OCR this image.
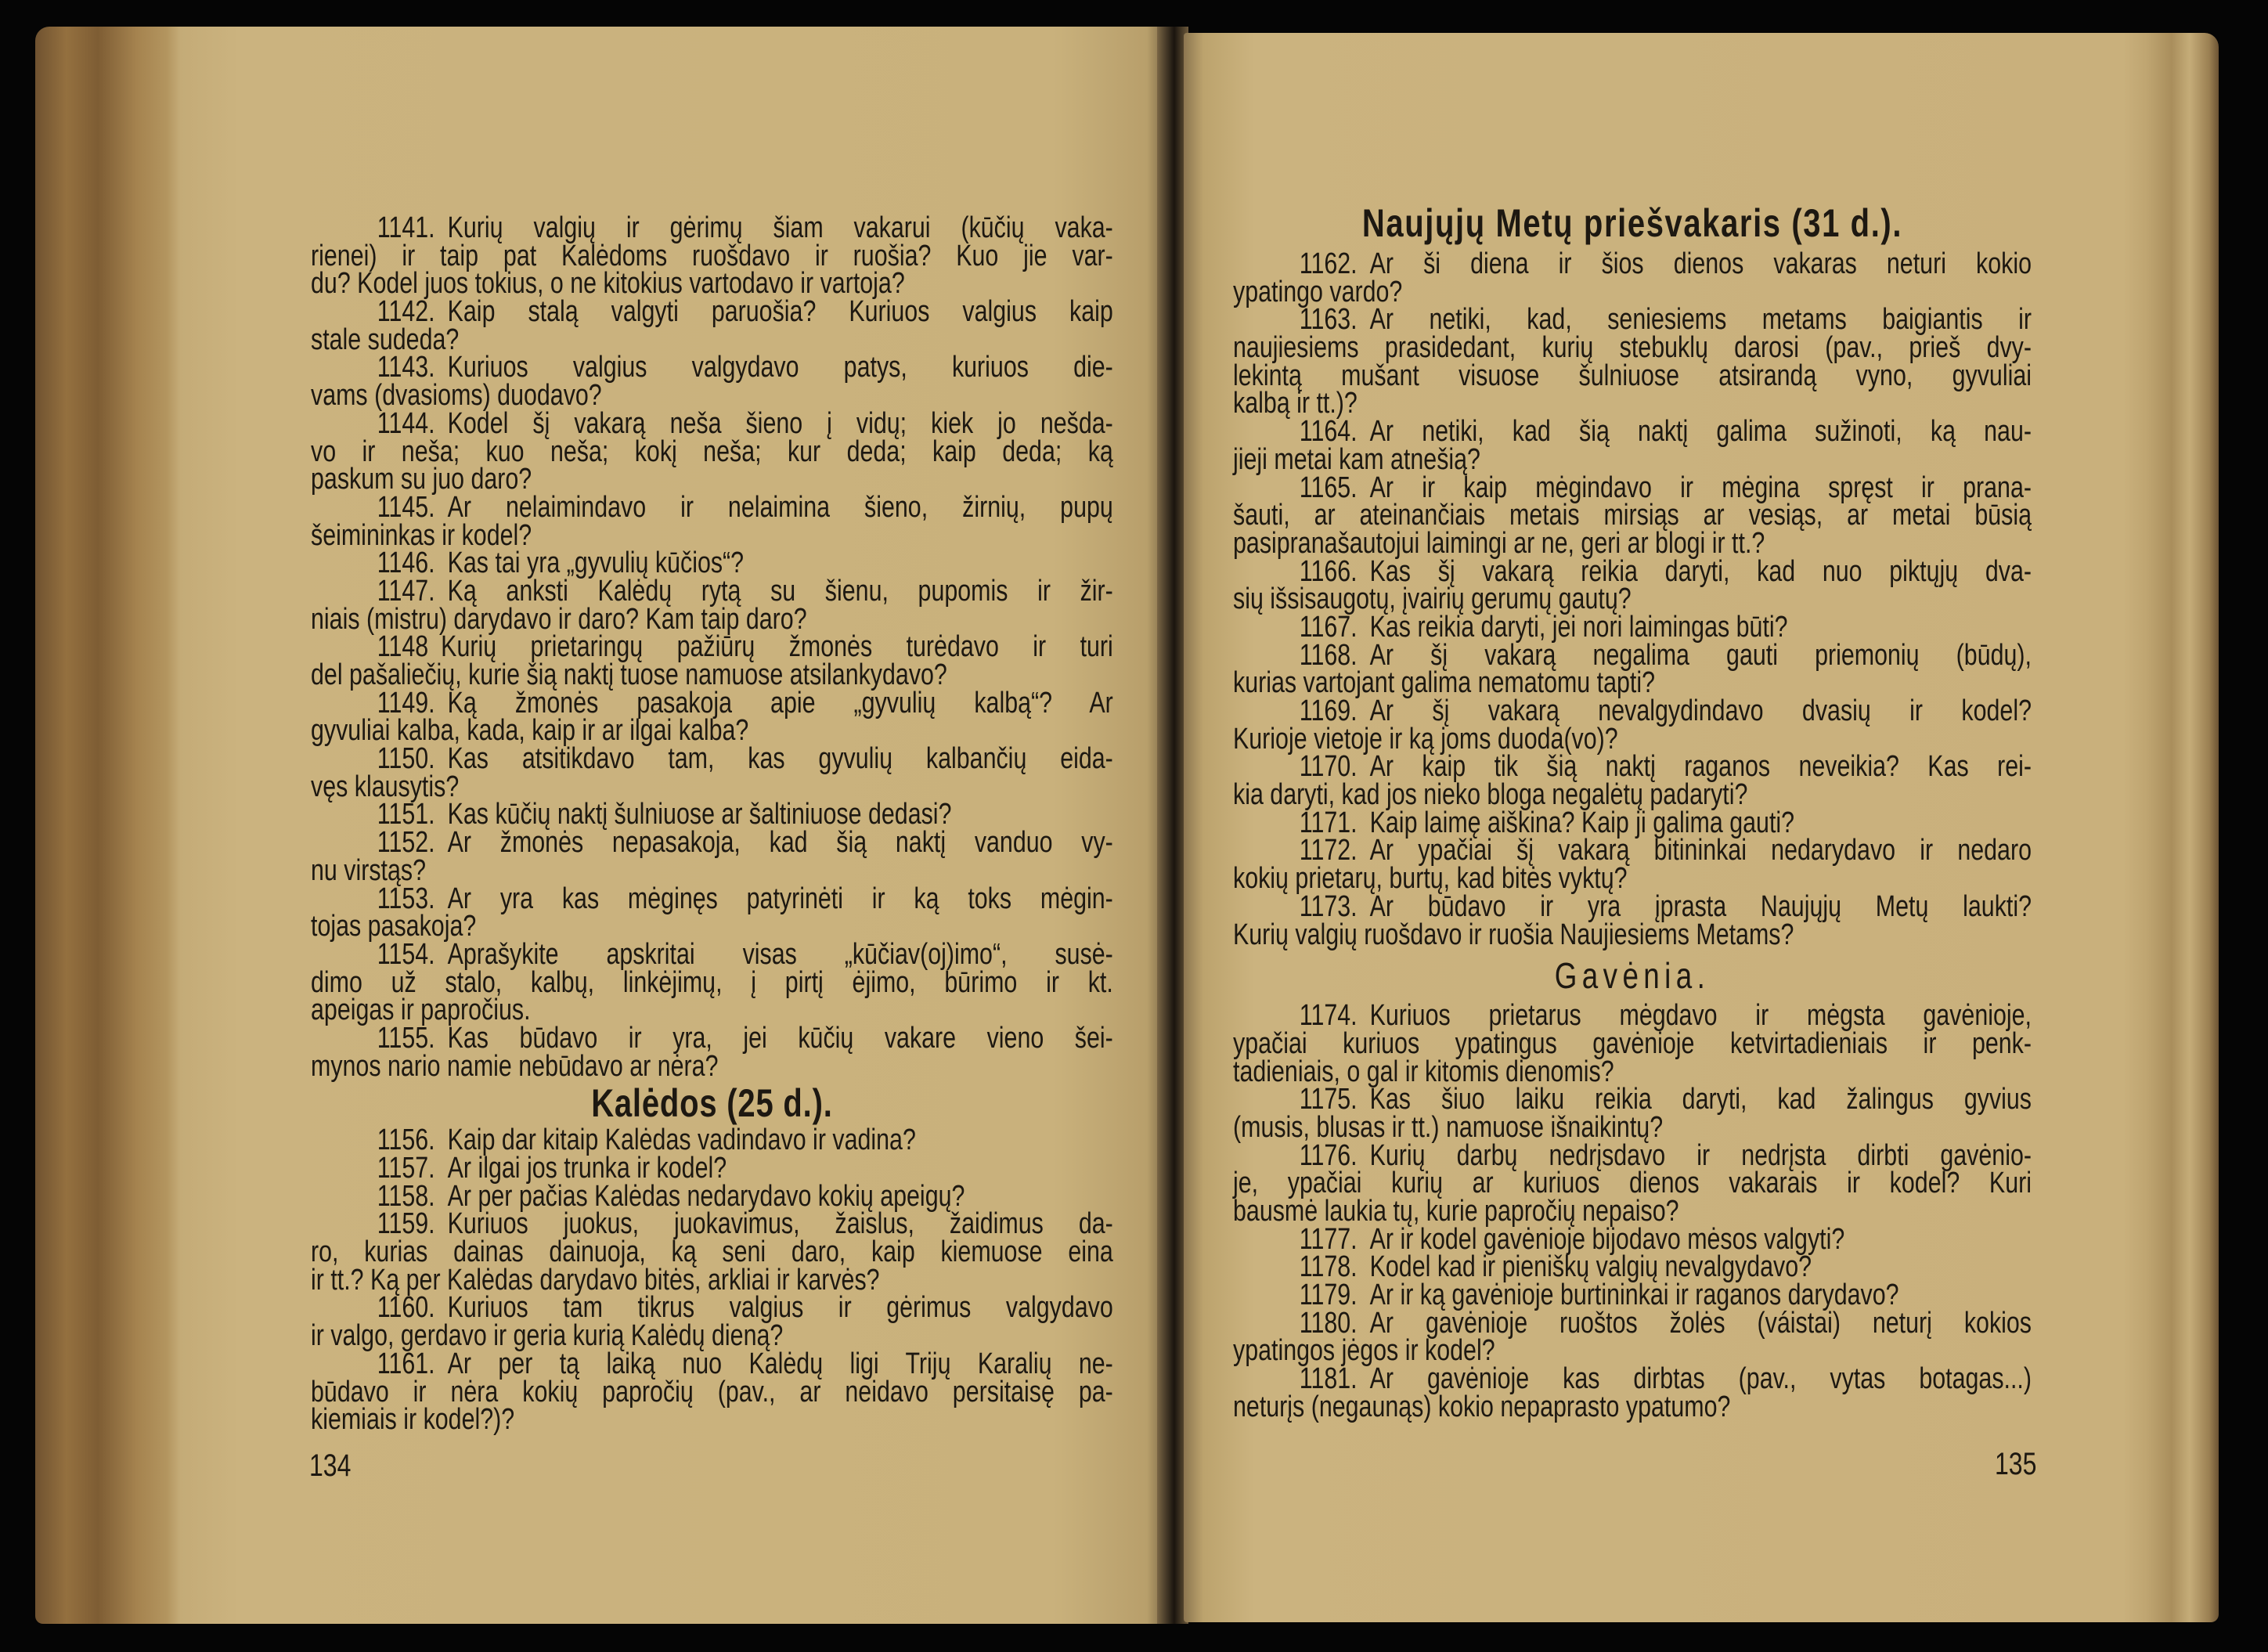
1141. Kurių valgių ir gėrimų šiam vakarui (kūčių vaka-
rienei) ir taip pat Kalėdoms ruošdavo ir ruošia? Kuo jie var-
du? Kodel juos tokius, o ne kitokius vartodavo ir vartoja?
1142. Kaip stalą valgyti paruošia? Kuriuos valgius kaip
stale sudeda?
1143. Kuriuos valgius valgydavo patys, kuriuos die-
vams (dvasioms) duodavo?
1144. Kodel šį vakarą neša šieno į vidų; kiek jo nešda-
vo ir neša; kuo neša; kokį neša; kur deda; kaip deda; ką
paskum su juo daro?
1145. Ar nelaimindavo ir nelaimina šieno, žirnių, pupų
šeimininkas ir kodel?
1146. Kas tai yra „gyvulių kūčios“?
1147. Ką anksti Kalėdų rytą su šienu, pupomis ir žir-
niais (mistru) darydavo ir daro? Kam taip daro?
1148 Kurių prietaringų pažiūrų žmonės turėdavo ir turi
del pašaliečių, kurie šią naktį tuose namuose atsilankydavo?
1149. Ką žmonės pasakoja apie „gyvulių kalbą“? Ar
gyvuliai kalba, kada, kaip ir ar ilgai kalba?
1150. Kas atsitikdavo tam, kas gyvulių kalbančių eida-
vęs klausytis?
1151. Kas kūčių naktį šulniuose ar šaltiniuose dedasi?
1152. Ar žmonės nepasakoja, kad šią naktį vanduo vy-
nu virstąs?
1153. Ar yra kas mėginęs patyrinėti ir ką toks mėgin-
tojas pasakoja?
1154. Aprašykite apskritai visas „kūčiav(oj)imo“, susė-
dimo už stalo, kalbų, linkėjimų, į pirtį ėjimo, būrimo ir kt.
apeigas ir papročius.
1155. Kas būdavo ir yra, jei kūčių vakare vieno šei-
mynos nario namie nebūdavo ar nėra?
Kalėdos (25 d.).
1156. Kaip dar kitaip Kalėdas vadindavo ir vadina?
1157. Ar ilgai jos trunka ir kodel?
1158. Ar per pačias Kalėdas nedarydavo kokių apeigų?
1159. Kuriuos juokus, juokavimus, žaislus, žaidimus da-
ro, kurias dainas dainuoja, ką seni daro, kaip kiemuose eina
ir tt.? Ką per Kalėdas darydavo bitės, arkliai ir karvės?
1160. Kuriuos tam tikrus valgius ir gėrimus valgydavo
ir valgo, gerdavo ir geria kurią Kalėdų dieną?
1161. Ar per tą laiką nuo Kalėdų ligi Trijų Karalių ne-
būdavo ir nėra kokių papročių (pav., ar neidavo persitaisę pa-
kiemiais ir kodel?)?
Naujųjų Metų priešvakaris (31 d.).
1162. Ar ši diena ir šios dienos vakaras neturi kokio
ypatingo vardo?
1163. Ar netiki, kad, seniesiems metams baigiantis ir
naujiesiems prasidedant, kurių stebuklų darosi (pav., prieš dvy-
lekintą mušant visuose šulniuose atsirandą vyno, gyvuliai
kalbą ir tt.)?
1164. Ar netiki, kad šią naktį galima sužinoti, ką nau-
jieji metai kam atnešią?
1165. Ar ir kaip mėgindavo ir mėgina spręst ir prana-
šauti, ar ateinančiais metais mirsiąs ar vesiąs, ar metai būsią
pasipranašautojui laimingi ar ne, geri ar blogi ir tt.?
1166. Kas šį vakarą reikia daryti, kad nuo piktųjų dva-
sių išsisaugotų, įvairių gerumų gautų?
1167. Kas reikia daryti, jei nori laimingas būti?
1168. Ar šį vakarą negalima gauti priemonių (būdų),
kurias vartojant galima nematomu tapti?
1169. Ar šį vakarą nevalgydindavo dvasių ir kodel?
Kurioje vietoje ir ką joms duoda(vo)?
1170. Ar kaip tik šią naktį raganos neveikia? Kas rei-
kia daryti, kad jos nieko bloga negalėtų padaryti?
1171. Kaip laimę aiškina? Kaip ji galima gauti?
1172. Ar ypačiai šį vakarą bitininkai nedarydavo ir nedaro
kokių prietarų, burtų, kad bitės vyktų?
1173. Ar būdavo ir yra įprasta Naujųjų Metų laukti?
Kurių valgių ruošdavo ir ruošia Naujiesiems Metams?
Gavėnia.
1174. Kuriuos prietarus mėgdavo ir mėgsta gavėnioje,
ypačiai kuriuos ypatingus gavėnioje ketvirtadieniais ir penk-
tadieniais, o gal ir kitomis dienomis?
1175. Kas šiuo laiku reikia daryti, kad žalingus gyvius
(musis, blusas ir tt.) namuose išnaikintų?
1176. Kurių darbų nedrįsdavo ir nedrįsta dirbti gavėnio-
je, ypačiai kurių ar kuriuos dienos vakarais ir kodel? Kuri
bausmė laukia tų, kurie papročių nepaiso?
1177. Ar ir kodel gavėnioje bijodavo mėsos valgyti?
1178. Kodel kad ir pieniškų valgių nevalgydavo?
1179. Ar ir ką gavėnioje burtininkai ir raganos darydavo?
1180. Ar gavėnioje ruoštos žolės (váistai) neturį kokios
ypatingos jėgos ir kodel?
1181. Ar gavėnioje kas dirbtas (pav., vytas botagas...)
neturįs (negaunąs) kokio nepaprasto ypatumo?
134	135
